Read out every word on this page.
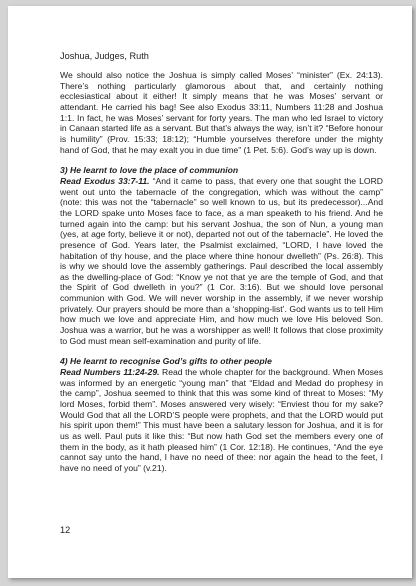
Joshua, Judges, Ruth

We should also notice the Joshua is simply called Moses' “minister” (Ex. 24:13). There’s nothing particularly glamorous about that, and certainly nothing ecclesiastical about it either! It simply means that he was Moses’ servant or attendant. He carried his bag! See also Exodus 33:11, Numbers 11:28 and Joshua 1:1. In fact, he was Moses’ servant for forty years. The man who led Israel to victory in Canaan started life as a servant. But that’s always the way, isn’t it? “Before honour is humility” (Prov. 15:33; 18:12); “Humble yourselves therefore under the mighty hand of God, that he may exalt you in due time” (1 Pet. 5:6). God’s way up is down.

3) He learnt to love the place of communion

Read Exodus 33:7-11. “And it came to pass, that every one that sought the LORD went out unto the tabernacle of the congregation, which was without the camp” (note: this was not the “tabernacle” so well known to us, but its predecessor)...And the LORD spake unto Moses face to face, as a man speaketh to his friend. And he turned again into the camp: but his servant Joshua, the son of Nun, a young man (yes, at age forty, believe it or not), departed not out of the tabernacle”. He loved the presence of God. Years later, the Psalmist exclaimed, “LORD, I have loved the habitation of thy house, and the place where thine honour dwelleth” (Ps. 26:8). This is why we should love the assembly gatherings. Paul described the local assembly as the dwelling-place of God: “Know ye not that ye are the temple of God, and that the Spirit of God dwelleth in you?” (1 Cor. 3:16). But we should love personal communion with God. We will never worship in the assembly, if we never worship privately. Our prayers should be more than a ‘shopping-list’. God wants us to tell Him how much we love and appreciate Him, and how much we love His beloved Son. Joshua was a warrior, but he was a worshipper as well! It follows that close proximity to God must mean self-examination and purity of life.

4) He learnt to recognise God’s gifts to other people

Read Numbers 11:24-29. Read the whole chapter for the background. When Moses was informed by an energetic “young man” that “Eldad and Medad do prophesy in the camp”, Joshua seemed to think that this was some kind of threat to Moses: “My lord Moses, forbid them”. Moses answered very wisely: “Enviest thou for my sake? Would God that all the LORD’S people were prophets, and that the LORD would put his spirit upon them!” This must have been a salutary lesson for Joshua, and it is for us as well. Paul puts it like this: “But now hath God set the members every one of them in the body, as it hath pleased him” (1 Cor. 12:18). He continues, “And the eye cannot say unto the hand, I have no need of thee: nor again the head to the feet, I have no need of you” (v.21).

12
